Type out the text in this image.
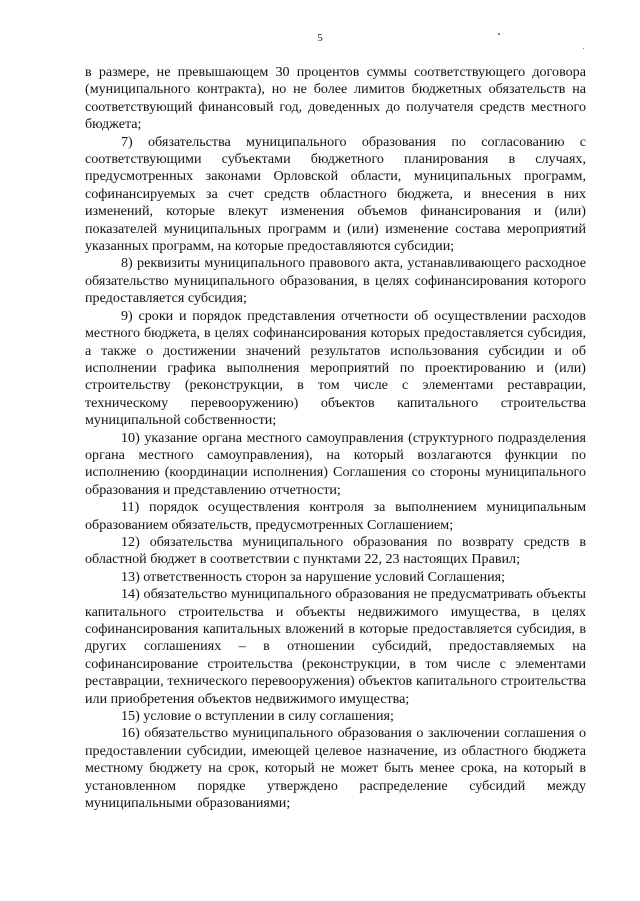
5

в размере, не превышающем 30 процентов суммы соответствующего договора (муниципального контракта), но не более лимитов бюджетных обязательств на соответствующий финансовый год, доведенных до получателя средств местного бюджета;

7) обязательства муниципального образования по согласованию с соответствующими субъектами бюджетного планирования в случаях, предусмотренных законами Орловской области, муниципальных программ, софинансируемых за счет средств областного бюджета, и внесения в них изменений, которые влекут изменения объемов финансирования и (или) показателей муниципальных программ и (или) изменение состава мероприятий указанных программ, на которые предоставляются субсидии;

8) реквизиты муниципального правового акта, устанавливающего расходное обязательство муниципального образования, в целях софинансирования которого предоставляется субсидия;

9) сроки и порядок представления отчетности об осуществлении расходов местного бюджета, в целях софинансирования которых предоставляется субсидия, а также о достижении значений результатов использования субсидии и об исполнении графика выполнения мероприятий по проектированию и (или) строительству (реконструкции, в том числе с элементами реставрации, техническому перевооружению) объектов капитального строительства муниципальной собственности;

10) указание органа местного самоуправления (структурного подразделения органа местного самоуправления), на который возлагаются функции по исполнению (координации исполнения) Соглашения со стороны муниципального образования и представлению отчетности;

11) порядок осуществления контроля за выполнением муниципальным образованием обязательств, предусмотренных Соглашением;

12) обязательства муниципального образования по возврату средств в областной бюджет в соответствии с пунктами 22, 23 настоящих Правил;

13) ответственность сторон за нарушение условий Соглашения;

14) обязательство муниципального образования не предусматривать объекты капитального строительства и объекты недвижимого имущества, в целях софинансирования капитальных вложений в которые предоставляется субсидия, в других соглашениях – в отношении субсидий, предоставляемых на софинансирование строительства (реконструкции, в том числе с элементами реставрации, технического перевооружения) объектов капитального строительства или приобретения объектов недвижимого имущества;

15) условие о вступлении в силу соглашения;

16) обязательство муниципального образования о заключении соглашения о предоставлении субсидии, имеющей целевое назначение, из областного бюджета местному бюджету на срок, который не может быть менее срока, на который в установленном порядке утверждено распределение субсидий между муниципальными образованиями;
